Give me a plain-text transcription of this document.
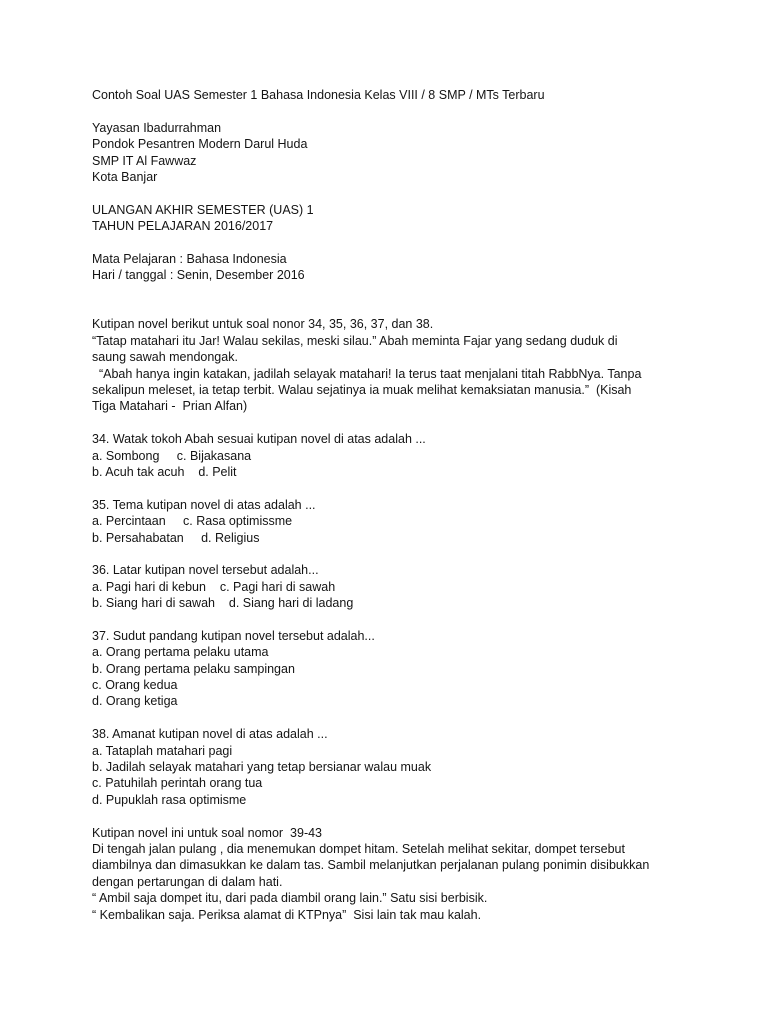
Contoh Soal UAS Semester 1 Bahasa Indonesia Kelas VIII / 8 SMP / MTs Terbaru
Yayasan Ibadurrahman
Pondok Pesantren Modern Darul Huda
SMP IT Al Fawwaz
Kota Banjar
ULANGAN AKHIR SEMESTER (UAS) 1
TAHUN PELAJARAN 2016/2017
Mata Pelajaran : Bahasa Indonesia
Hari / tanggal : Senin, Desember 2016
Kutipan novel berikut untuk soal nonor 34, 35, 36, 37, dan 38.
“Tatap matahari itu Jar! Walau sekilas, meski silau.” Abah meminta Fajar yang sedang duduk di
saung sawah mendongak.
“Abah hanya ingin katakan, jadilah selayak matahari! Ia terus taat menjalani titah RabbNya. Tanpa
sekalipun meleset, ia tetap terbit. Walau sejatinya ia muak melihat kemaksiatan manusia.”  (Kisah
Tiga Matahari -  Prian Alfan)
34. Watak tokoh Abah sesuai kutipan novel di atas adalah ...
a. Sombong     c. Bijakasana
b. Acuh tak acuh    d. Pelit
35. Tema kutipan novel di atas adalah ...
a. Percintaan     c. Rasa optimissme
b. Persahabatan     d. Religius
36. Latar kutipan novel tersebut adalah...
a. Pagi hari di kebun    c. Pagi hari di sawah
b. Siang hari di sawah    d. Siang hari di ladang
37. Sudut pandang kutipan novel tersebut adalah...
a. Orang pertama pelaku utama
b. Orang pertama pelaku sampingan
c. Orang kedua
d. Orang ketiga
38. Amanat kutipan novel di atas adalah ...
a. Tataplah matahari pagi
b. Jadilah selayak matahari yang tetap bersianar walau muak
c. Patuhilah perintah orang tua
d. Pupuklah rasa optimisme
Kutipan novel ini untuk soal nomor  39-43
Di tengah jalan pulang , dia menemukan dompet hitam. Setelah melihat sekitar, dompet tersebut
diambilnya dan dimasukkan ke dalam tas. Sambil melanjutkan perjalanan pulang ponimin disibukkan
dengan pertarungan di dalam hati.
“ Ambil saja dompet itu, dari pada diambil orang lain.” Satu sisi berbisik.
“ Kembalikan saja. Periksa alamat di KTPnya”  Sisi lain tak mau kalah.
